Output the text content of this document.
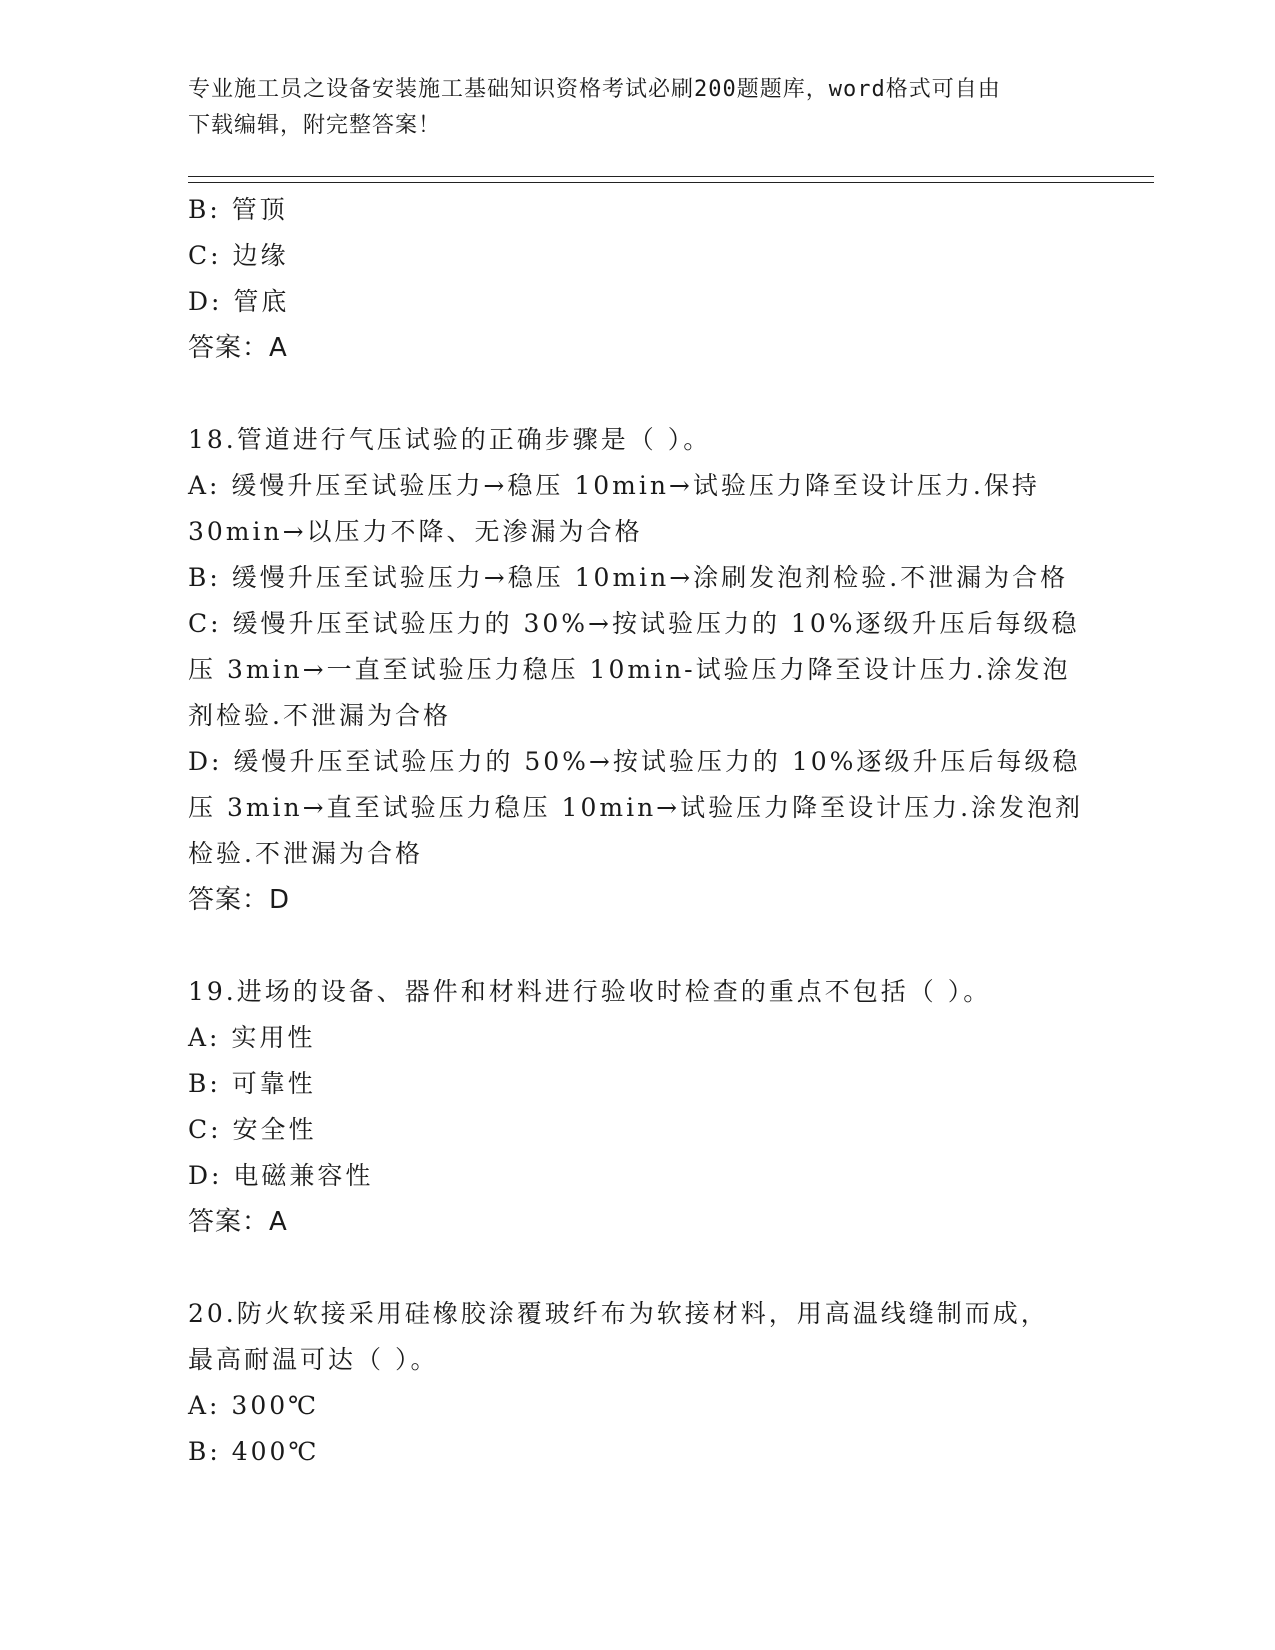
专业施工员之设备安装施工基础知识资格考试必刷200题题库，word格式可自由
下载编辑，附完整答案！
B: 管顶
C: 边缘
D: 管底
答案：A
18.管道进行气压试验的正确步骤是（ ）。
A: 缓慢升压至试验压力→稳压 10min→试验压力降至设计压力.保持
30min→以压力不降、无渗漏为合格
B: 缓慢升压至试验压力→稳压 10min→涂刷发泡剂检验.不泄漏为合格
C: 缓慢升压至试验压力的 30%→按试验压力的 10%逐级升压后每级稳
压 3min→一直至试验压力稳压 10min-试验压力降至设计压力.涂发泡
剂检验.不泄漏为合格
D: 缓慢升压至试验压力的 50%→按试验压力的 10%逐级升压后每级稳
压 3min→直至试验压力稳压 10min→试验压力降至设计压力.涂发泡剂
检验.不泄漏为合格
答案：D
19.进场的设备、器件和材料进行验收时检查的重点不包括（ ）。
A: 实用性
B: 可靠性
C: 安全性
D: 电磁兼容性
答案：A
20.防火软接采用硅橡胶涂覆玻纤布为软接材料，用高温线缝制而成，
最高耐温可达（ ）。
A: 300℃
B: 400℃
